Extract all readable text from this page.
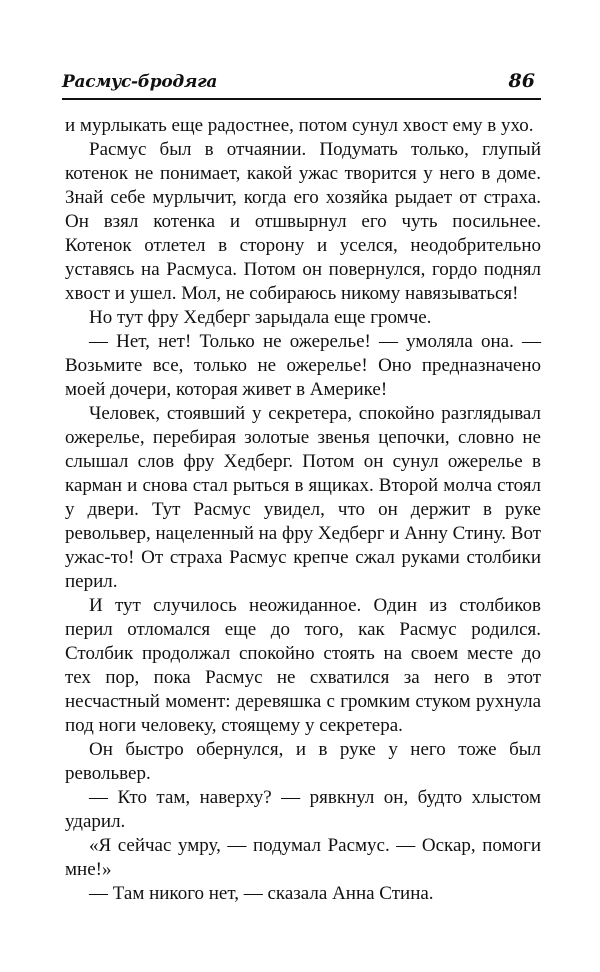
Расмус-бродяга	86

и мурлыкать еще радостнее, потом сунул хвост ему в ухо.

Расмус был в отчаянии. Подумать только, глупый котенок не понимает, какой ужас творится у него в доме. Знай себе мурлычит, когда его хозяйка рыдает от страха. Он взял котенка и отшвырнул его чуть посильнее. Котенок отлетел в сторону и уселся, неодобрительно уставясь на Расмуса. Потом он повернулся, гордо поднял хвост и ушел. Мол, не собираюсь никому навязываться!

Но тут фру Хедберг зарыдала еще громче.

— Нет, нет! Только не ожерелье! — умоляла она. — Возьмите все, только не ожерелье! Оно предназначено моей дочери, которая живет в Америке!

Человек, стоявший у секретера, спокойно разглядывал ожерелье, перебирая золотые звенья цепочки, словно не слышал слов фру Хедберг. Потом он сунул ожерелье в карман и снова стал рыться в ящиках. Второй молча стоял у двери. Тут Расмус увидел, что он держит в руке револьвер, нацеленный на фру Хедберг и Анну Стину. Вот ужас-то! От страха Расмус крепче сжал руками столбики перил.

И тут случилось неожиданное. Один из столбиков перил отломался еще до того, как Расмус родился. Столбик продолжал спокойно стоять на своем месте до тех пор, пока Расмус не схватился за него в этот несчастный момент: деревяшка с громким стуком рухнула под ноги человеку, стоящему у секретера.

Он быстро обернулся, и в руке у него тоже был револьвер.

— Кто там, наверху? — рявкнул он, будто хлыстом ударил.

«Я сейчас умру, — подумал Расмус. — Оскар, помоги мне!»

— Там никого нет, — сказала Анна Стина.
